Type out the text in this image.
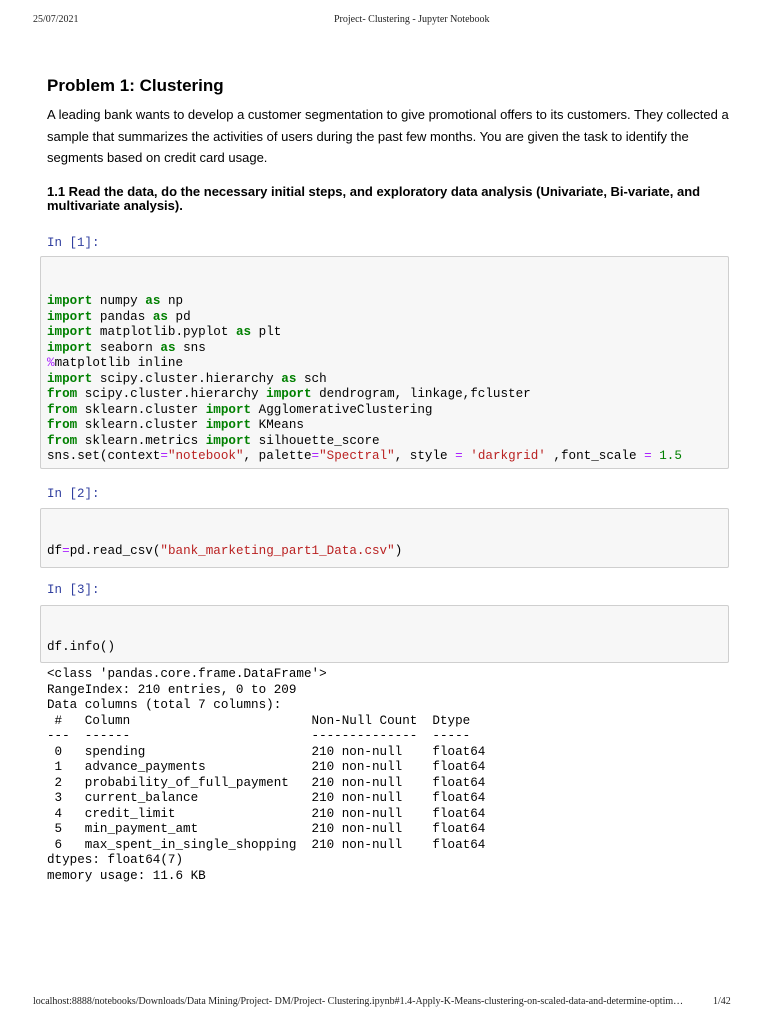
25/07/2021	Project- Clustering - Jupyter Notebook
Problem 1: Clustering

A leading bank wants to develop a customer segmentation to give promotional offers to its customers. They collected a sample that summarizes the activities of users during the past few months. You are given the task to identify the segments based on credit card usage.

1.1 Read the data, do the necessary initial steps, and exploratory data analysis (Univariate, Bi-variate, and multivariate analysis).

In [1]:
import numpy as np
import pandas as pd
import matplotlib.pyplot as plt
import seaborn as sns
%matplotlib inline
import scipy.cluster.hierarchy as sch
from scipy.cluster.hierarchy import dendrogram, linkage,fcluster
from sklearn.cluster import AgglomerativeClustering
from sklearn.cluster import KMeans
from sklearn.metrics import silhouette_score
sns.set(context="notebook", palette="Spectral", style = 'darkgrid' ,font_scale = 1.5
In [2]:
df=pd.read_csv("bank_marketing_part1_Data.csv")
In [3]:
df.info()
<class 'pandas.core.frame.DataFrame'>
RangeIndex: 210 entries, 0 to 209
Data columns (total 7 columns):
#   Column                        Non-Null Count  Dtype
---  ------                        --------------  -----
0   spending                      210 non-null    float64
1   advance_payments              210 non-null    float64
2   probability_of_full_payment   210 non-null    float64
3   current_balance               210 non-null    float64
4   credit_limit                  210 non-null    float64
5   min_payment_amt               210 non-null    float64
6   max_spent_in_single_shopping  210 non-null    float64
dtypes: float64(7)
memory usage: 11.6 KB
localhost:8888/notebooks/Downloads/Data Mining/Project- DM/Project- Clustering.ipynb#1.4-Apply-K-Means-clustering-on-scaled-data-and-determine-optim…	1/42
